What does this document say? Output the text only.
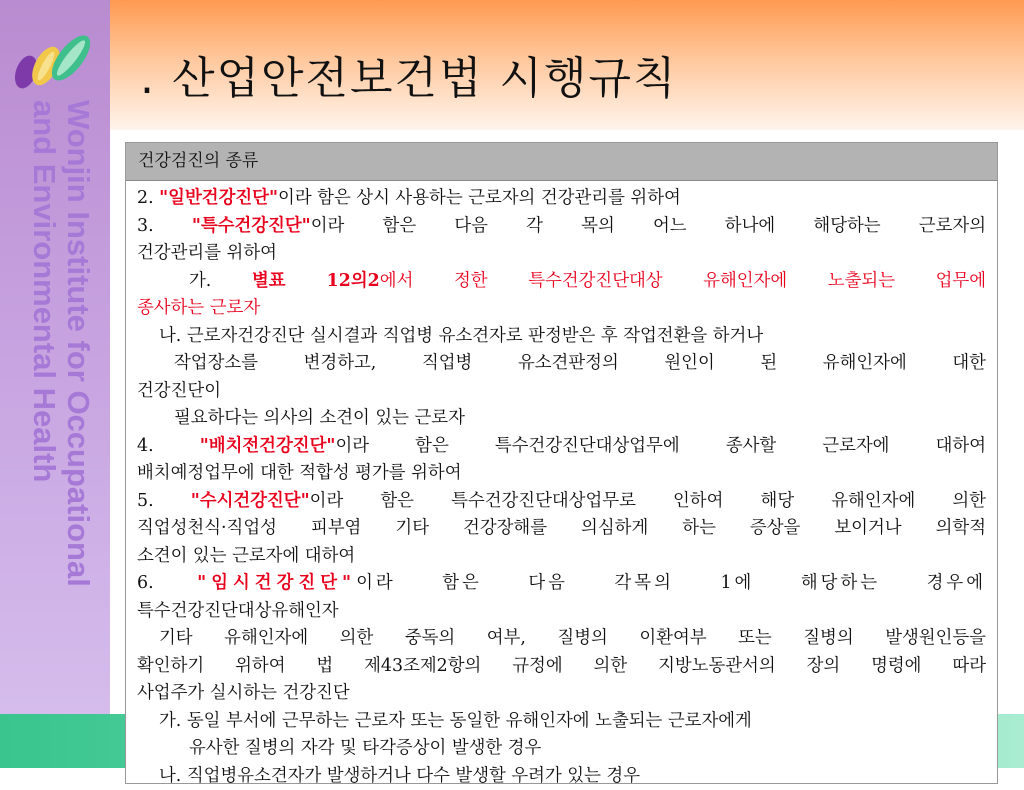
Wonjin Institute for Occupational
and Environmental Health
. 산업안전보건법 시행규칙
건강검진의 종류
2. "일반건강진단"이라 함은 상시 사용하는 근로자의 건강관리를 위하여
3. "특수건강진단"이라 함은 다음 각 목의 어느 하나에 해당하는 근로자의
건강관리를 위하여
가. 별표 12의2에서 정한 특수건강진단대상 유해인자에 노출되는 업무에
종사하는 근로자
나. 근로자건강진단 실시결과 직업병 유소견자로 판정받은 후 작업전환을 하거나
작업장소를 변경하고, 직업병 유소견판정의 원인이 된 유해인자에 대한
건강진단이
필요하다는 의사의 소견이 있는 근로자
4. "배치전건강진단"이라 함은 특수건강진단대상업무에 종사할 근로자에 대하여
배치예정업무에 대한 적합성 평가를 위하여
5. "수시건강진단"이라 함은 특수건강진단대상업무로 인하여 해당 유해인자에 의한
직업성천식·직업성 피부염 기타 건강장해를 의심하게 하는 증상을 보이거나 의학적
소견이 있는 근로자에 대하여
6. "임시건강진단"이라 함은 다음 각목의 1에 해당하는 경우에
특수건강진단대상유해인자
기타 유해인자에 의한 중독의 여부, 질병의 이환여부 또는 질병의 발생원인등을
확인하기 위하여 법 제43조제2항의 규정에 의한 지방노동관서의 장의 명령에 따라
사업주가 실시하는 건강진단
가. 동일 부서에 근무하는 근로자 또는 동일한 유해인자에 노출되는 근로자에게
유사한 질병의 자각 및 타각증상이 발생한 경우
나. 직업병유소견자가 발생하거나 다수 발생할 우려가 있는 경우
